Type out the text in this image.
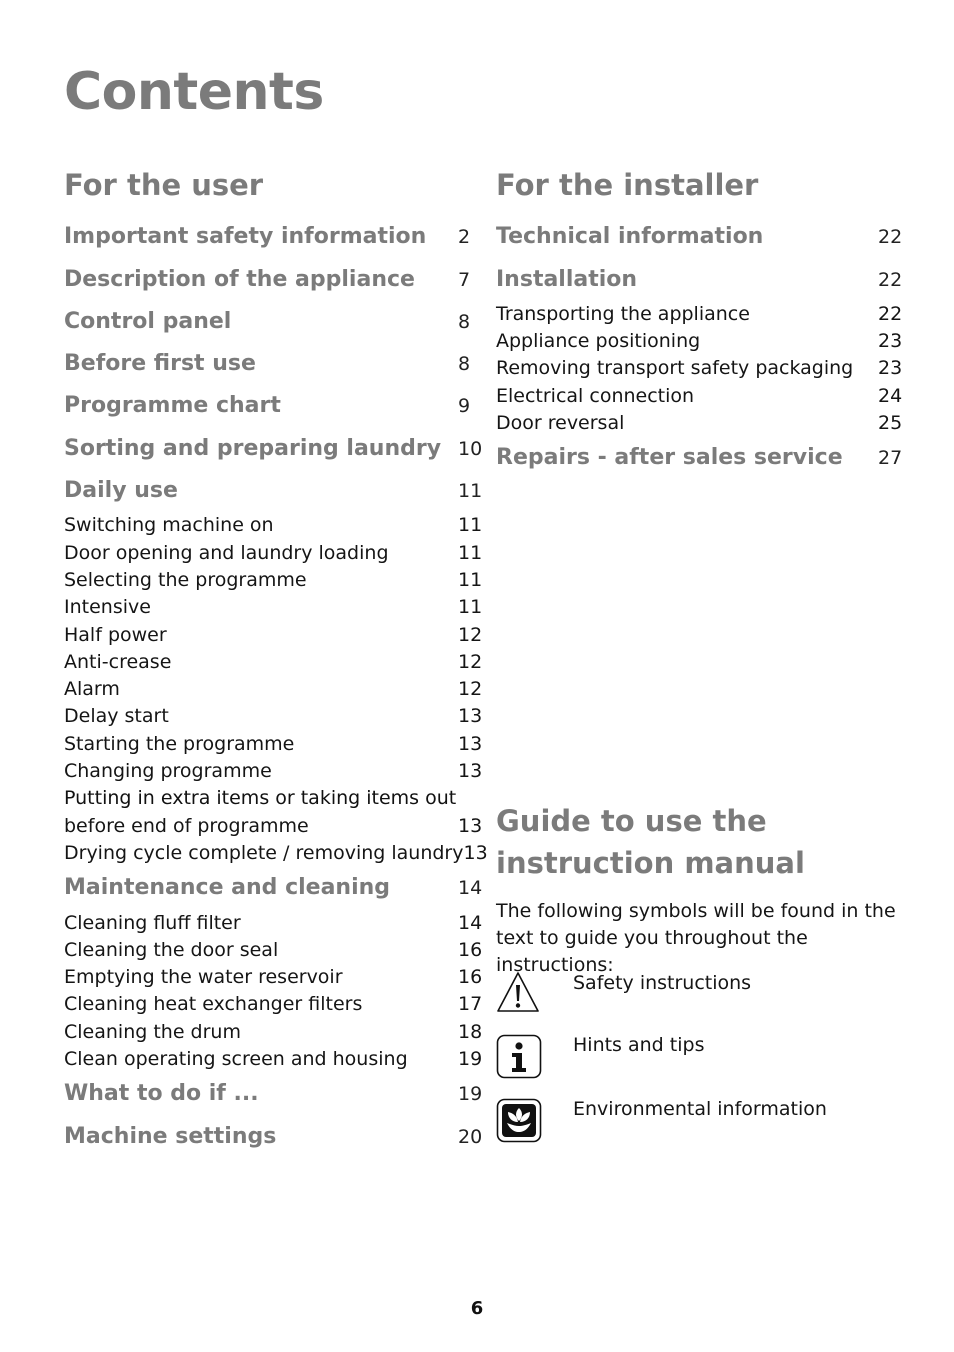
Contents
For the user
Important safety information 2
Description of the appliance 7
Control panel	8
Before first use	8
Programme chart	9
Sorting and preparing laundry 10
Daily use	11
Switching machine on	11
Door opening and laundry loading	11
Selecting the programme	11
Intensive	11
Half power	12
Anti-crease	12
Alarm	12
Delay start	13
Starting the programme	13
Changing programme	13
Putting in extra items or taking items out
before end of programme	13
Drying cycle complete / removing laundry 13
Maintenance and cleaning	14
Cleaning fluff filter	14
Cleaning the door seal	16
Emptying the water reservoir	16
Cleaning heat exchanger filters	17
Cleaning the drum	18
Clean operating screen and housing	19
What to do if ...	19
Machine settings	20
For the installer
Technical information	22
Installation	22
Transporting the appliance	22
Appliance positioning	23
Removing transport safety packaging 23
Electrical connection	24
Door reversal	25
Repairs - after sales service 27
Guide to use the
instruction manual
The following symbols will be found in the text to guide you throughout the instructions:
Safety instructions
Hints and tips
Environmental information
6
